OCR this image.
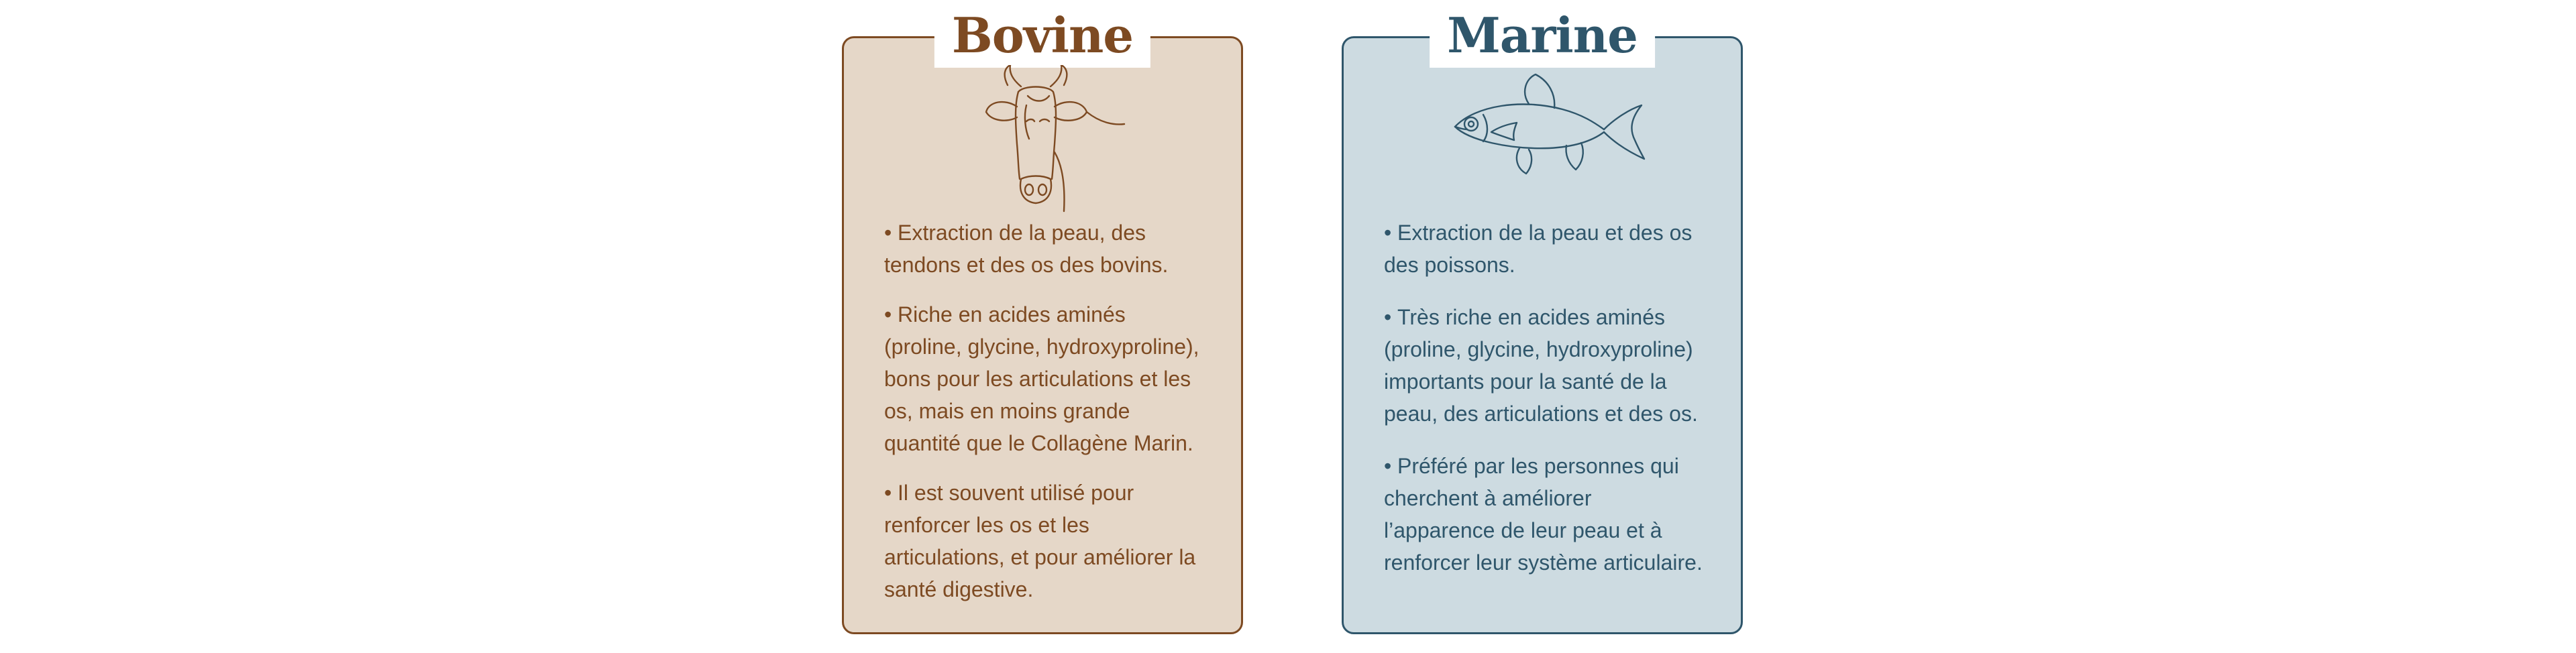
Bovine
• Extraction de la peau, des tendons et des os des bovins.
• Riche en acides aminés (proline, glycine, hydroxyproline), bons pour les articulations et les os, mais en moins grande quantité que le Collagène Marin.
• Il est souvent utilisé pour renforcer les os et les articulations, et pour améliorer la santé digestive.
Marine
• Extraction de la peau et des os des poissons.
• Très riche en acides aminés (proline, glycine, hydroxyproline) importants pour la santé de la peau, des articulations et des os.
• Préféré par les personnes qui cherchent à améliorer l’apparence de leur peau et à renforcer leur système articulaire.
